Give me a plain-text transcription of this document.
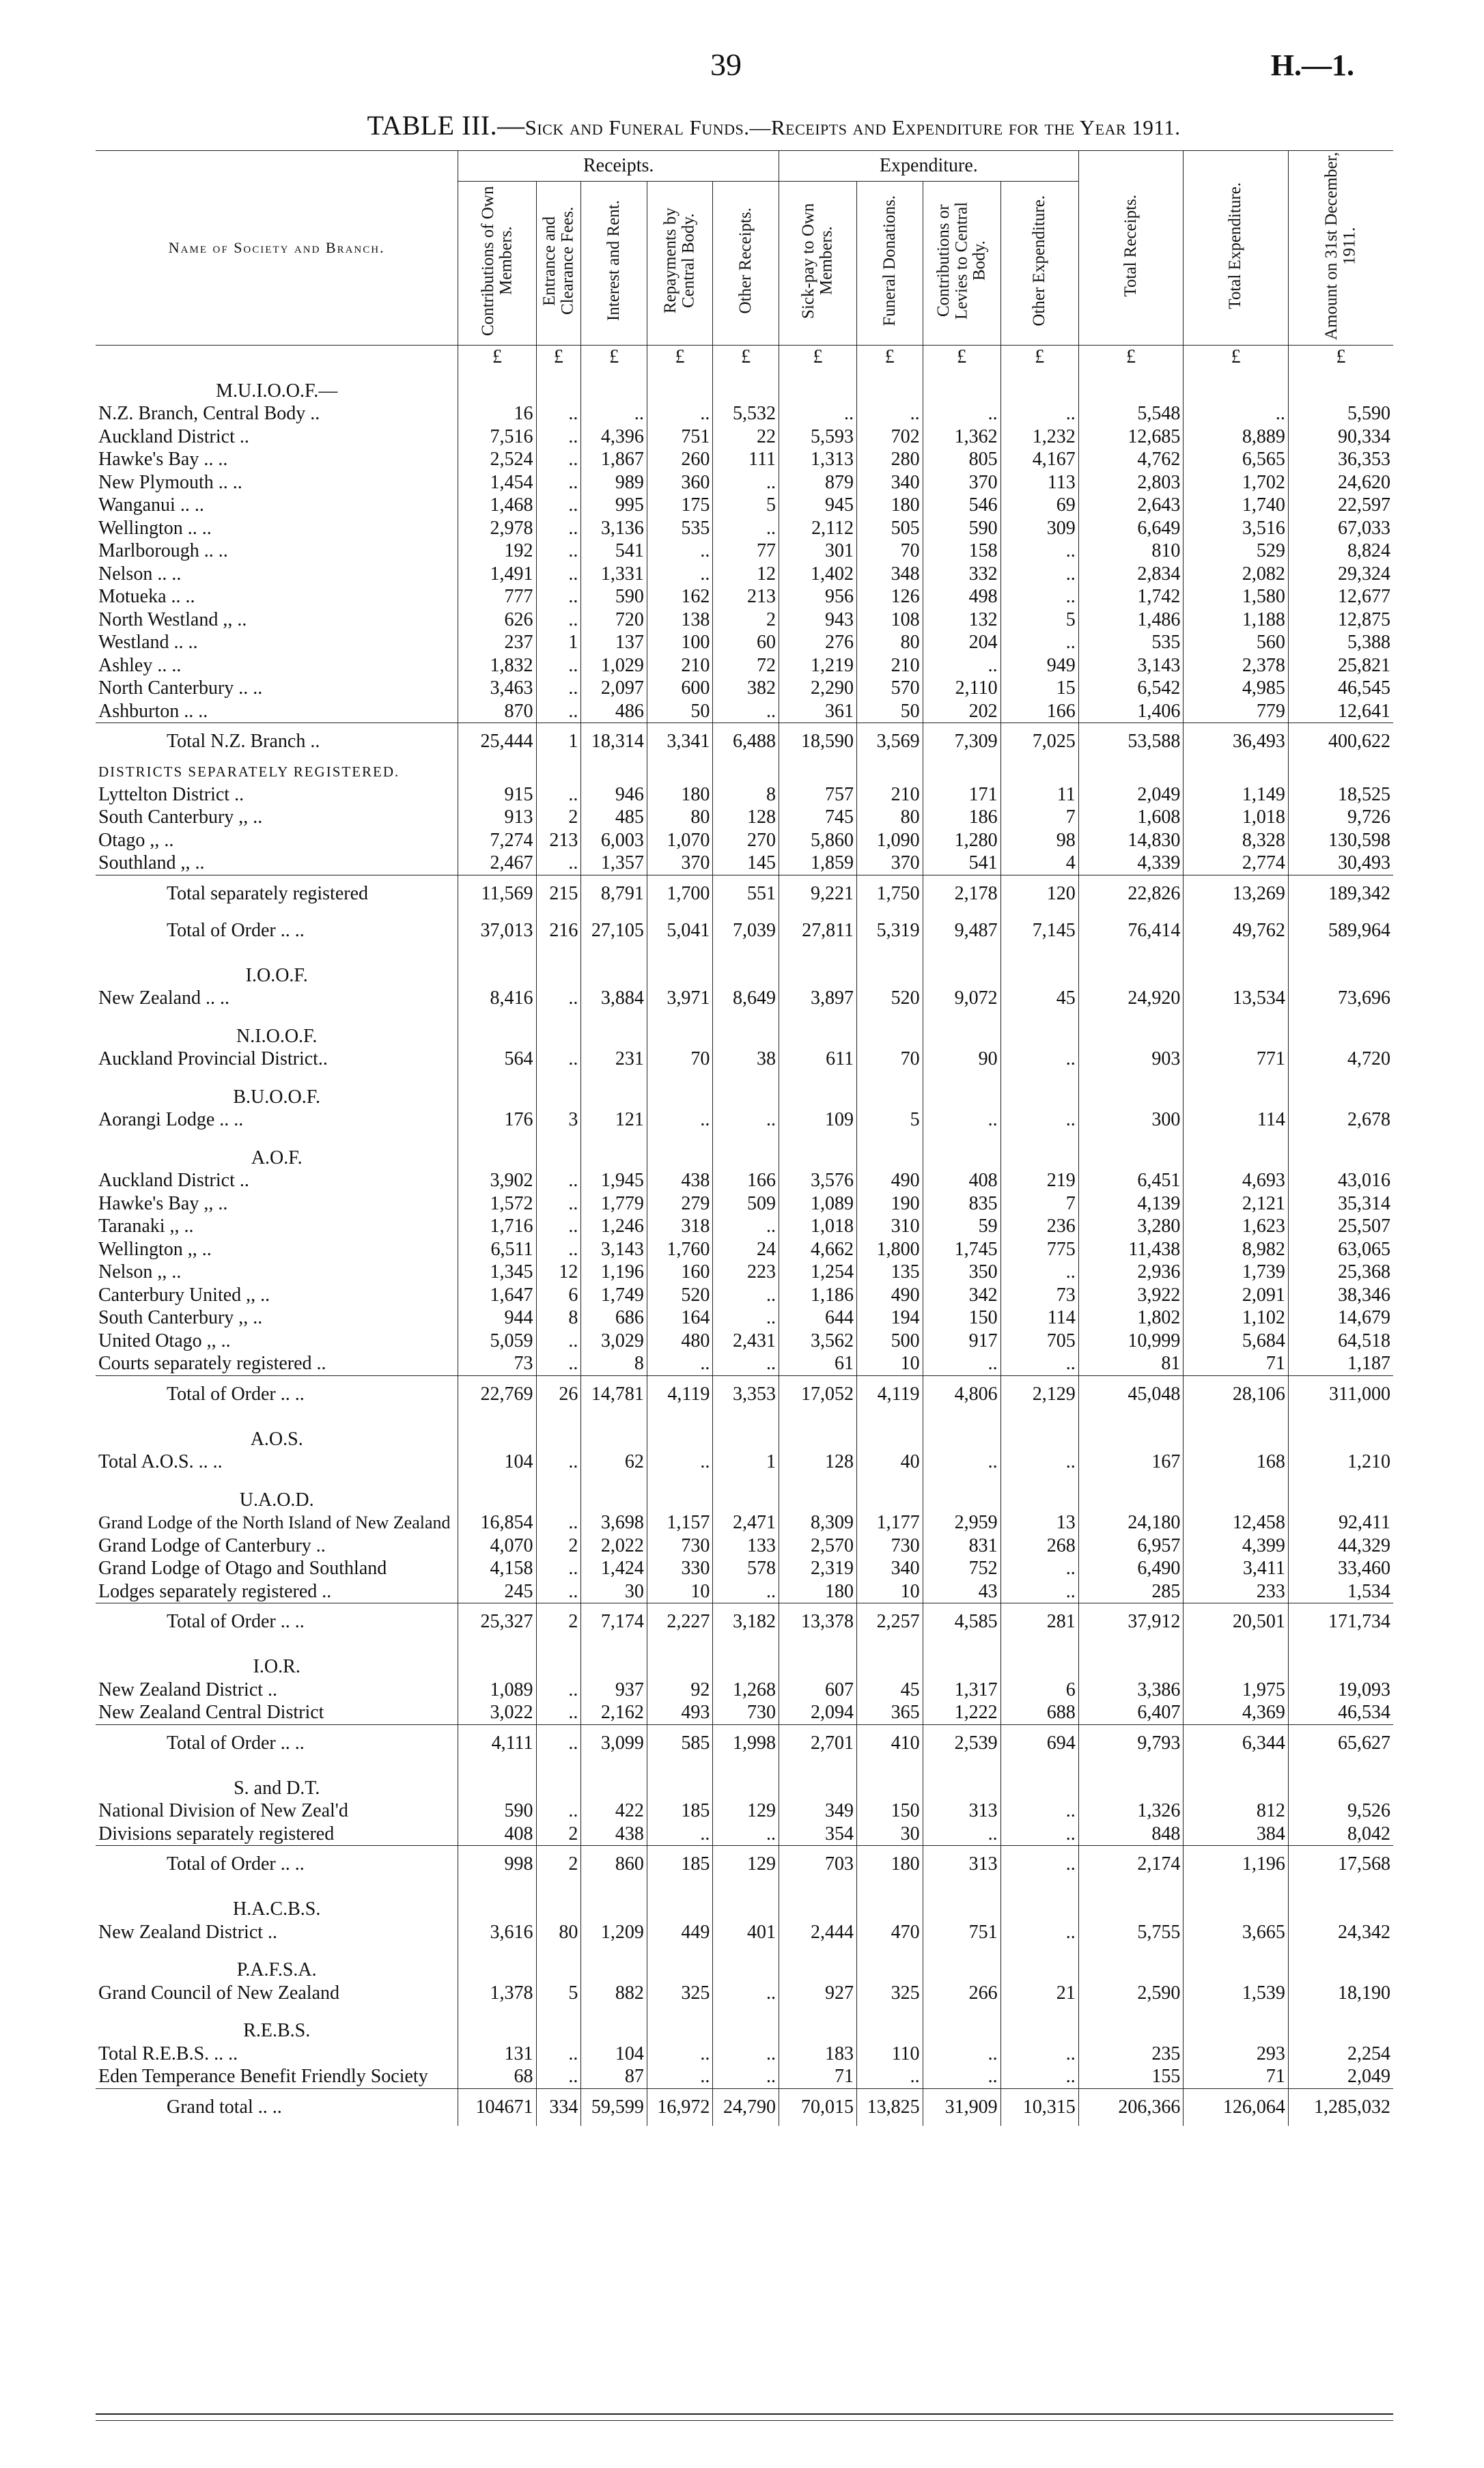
39	H.—1.
TABLE III.—Sick and Funeral Funds.—Receipts and Expenditure for the Year 1911.
Name of Society and Branch.	Receipts.					Expenditure.				Total Receipts.	Total Expenditure.	Amount on 31st December, 1911.
	Contributions of Own Members.	Entrance and Clearance Fees.	Interest and Rent.	Repayments by Central Body.	Other Receipts.	Sick-pay to Own Members.	Funeral Donations.	Contributions or Levies to Central Body.	Other Expenditure.			
	£	£	£	£	£	£	£	£	£	£	£	£

M.U.I.O.O.F.—												
N.Z. Branch, Central Body ..	16	..	..	..	5,532	..	..	..	..	5,548	..	5,590
Auckland District ..	7,516	..	4,396	751	22	5,593	702	1,362	1,232	12,685	8,889	90,334
Hawke's Bay .. ..	2,524	..	1,867	260	111	1,313	280	805	4,167	4,762	6,565	36,353
New Plymouth .. ..	1,454	..	989	360	..	879	340	370	113	2,803	1,702	24,620
Wanganui .. ..	1,468	..	995	175	5	945	180	546	69	2,643	1,740	22,597
Wellington .. ..	2,978	..	3,136	535	..	2,112	505	590	309	6,649	3,516	67,033
Marlborough .. ..	192	..	541	..	77	301	70	158	..	810	529	8,824
Nelson .. ..	1,491	..	1,331	..	12	1,402	348	332	..	2,834	2,082	29,324
Motueka .. ..	777	..	590	162	213	956	126	498	..	1,742	1,580	12,677
North Westland ,, ..	626	..	720	138	2	943	108	132	5	1,486	1,188	12,875
Westland .. ..	237	1	137	100	60	276	80	204	..	535	560	5,388
Ashley .. ..	1,832	..	1,029	210	72	1,219	210	..	949	3,143	2,378	25,821
North Canterbury .. ..	3,463	..	2,097	600	382	2,290	570	2,110	15	6,542	4,985	46,545
Ashburton .. ..	870	..	486	50	..	361	50	202	166	1,406	779	12,641
Total N.Z. Branch ..	25,444	1	18,314	3,341	6,488	18,590	3,569	7,309	7,025	53,588	36,493	400,622
DISTRICTS SEPARATELY REGISTERED.												
Lyttelton District ..	915	..	946	180	8	757	210	171	11	2,049	1,149	18,525
South Canterbury ,, ..	913	2	485	80	128	745	80	186	7	1,608	1,018	9,726
Otago ,, ..	7,274	213	6,003	1,070	270	5,860	1,090	1,280	98	14,830	8,328	130,598
Southland ,, ..	2,467	..	1,357	370	145	1,859	370	541	4	4,339	2,774	30,493
Total separately registered	11,569	215	8,791	1,700	551	9,221	1,750	2,178	120	22,826	13,269	189,342
Total of Order .. ..	37,013	216	27,105	5,041	7,039	27,811	5,319	9,487	7,145	76,414	49,762	589,964

I.O.O.F.												
New Zealand .. ..	8,416	..	3,884	3,971	8,649	3,897	520	9,072	45	24,920	13,534	73,696

N.I.O.O.F.												
Auckland Provincial District..	564	..	231	70	38	611	70	90	..	903	771	4,720

B.U.O.O.F.												
Aorangi Lodge .. ..	176	3	121	..	..	109	5	..	..	300	114	2,678

A.O.F.												
Auckland District ..	3,902	..	1,945	438	166	3,576	490	408	219	6,451	4,693	43,016
Hawke's Bay ,, ..	1,572	..	1,779	279	509	1,089	190	835	7	4,139	2,121	35,314
Taranaki ,, ..	1,716	..	1,246	318	..	1,018	310	59	236	3,280	1,623	25,507
Wellington ,, ..	6,511	..	3,143	1,760	24	4,662	1,800	1,745	775	11,438	8,982	63,065
Nelson ,, ..	1,345	12	1,196	160	223	1,254	135	350	..	2,936	1,739	25,368
Canterbury United ,, ..	1,647	6	1,749	520	..	1,186	490	342	73	3,922	2,091	38,346
South Canterbury ,, ..	944	8	686	164	..	644	194	150	114	1,802	1,102	14,679
United Otago ,, ..	5,059	..	3,029	480	2,431	3,562	500	917	705	10,999	5,684	64,518
Courts separately registered ..	73	..	8	..	..	61	10	..	..	81	71	1,187
Total of Order .. ..	22,769	26	14,781	4,119	3,353	17,052	4,119	4,806	2,129	45,048	28,106	311,000

A.O.S.												
Total A.O.S. .. ..	104	..	62	..	1	128	40	..	..	167	168	1,210

U.A.O.D.												
Grand Lodge of the North Island of New Zealand	16,854	..	3,698	1,157	2,471	8,309	1,177	2,959	13	24,180	12,458	92,411
Grand Lodge of Canterbury ..	4,070	2	2,022	730	133	2,570	730	831	268	6,957	4,399	44,329
Grand Lodge of Otago and Southland	4,158	..	1,424	330	578	2,319	340	752	..	6,490	3,411	33,460
Lodges separately registered ..	245	..	30	10	..	180	10	43	..	285	233	1,534
Total of Order .. ..	25,327	2	7,174	2,227	3,182	13,378	2,257	4,585	281	37,912	20,501	171,734

I.O.R.												
New Zealand District ..	1,089	..	937	92	1,268	607	45	1,317	6	3,386	1,975	19,093
New Zealand Central District	3,022	..	2,162	493	730	2,094	365	1,222	688	6,407	4,369	46,534
Total of Order .. ..	4,111	..	3,099	585	1,998	2,701	410	2,539	694	9,793	6,344	65,627

S. and D.T.												
National Division of New Zeal'd	590	..	422	185	129	349	150	313	..	1,326	812	9,526
Divisions separately registered	408	2	438	..	..	354	30	..	..	848	384	8,042
Total of Order .. ..	998	2	860	185	129	703	180	313	..	2,174	1,196	17,568

H.A.C.B.S.												
New Zealand District ..	3,616	80	1,209	449	401	2,444	470	751	..	5,755	3,665	24,342

P.A.F.S.A.												
Grand Council of New Zealand	1,378	5	882	325	..	927	325	266	21	2,590	1,539	18,190

R.E.B.S.												
Total R.E.B.S. .. ..	131	..	104	..	..	183	110	..	..	235	293	2,254
Eden Temperance Benefit Friendly Society	68	..	87	..	..	71	..	..	..	155	71	2,049
Grand total .. ..	104671	334	59,599	16,972	24,790	70,015	13,825	31,909	10,315	206,366	126,064	1,285,032
